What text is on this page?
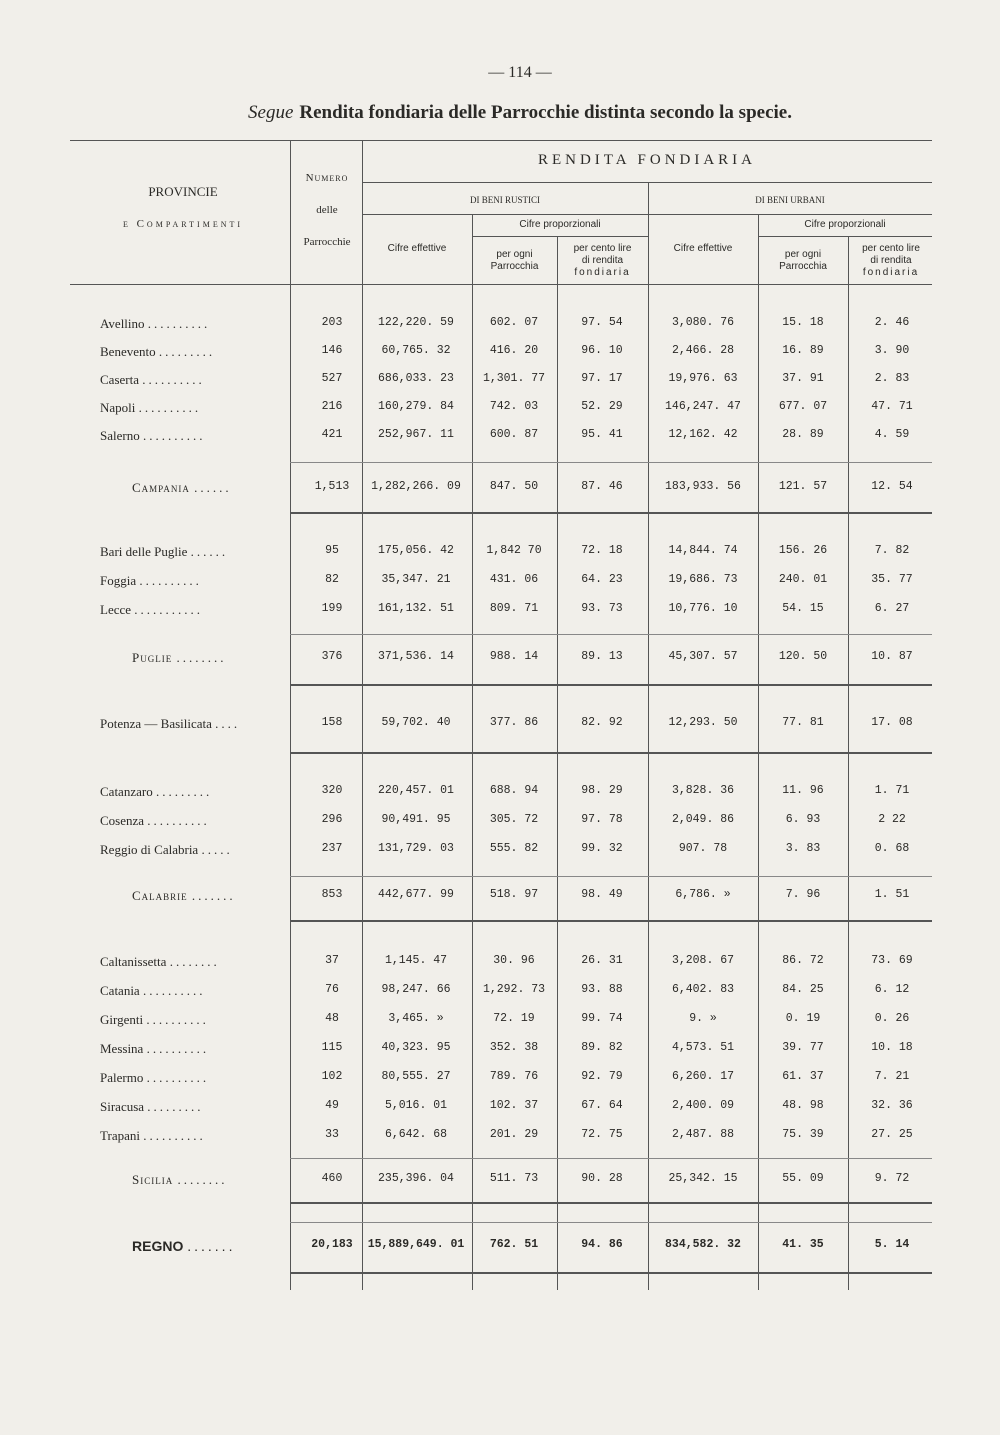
— 114 —
Segue Rendita fondiaria delle Parrocchie distinta secondo la specie.
PROVINCIE
e Compartimenti
Numero
delle
Parrocchie
RENDITA FONDIARIA
DI BENI RUSTICI	DI BENI URBANI
Cifre proporzionali	Cifre proporzionali
Cifre effettive	Cifre effettive
per ogni
Parrocchia
per cento lire
di rendita
fondiaria
per ogni
Parrocchia
per cento lire
di rendita
fondiaria
Avellino ..........	203	122,220. 59	602. 07	97. 54	3,080. 76	15. 18	2. 46
Benevento .........	146	60,765. 32	416. 20	96. 10	2,466. 28	16. 89	3. 90
Caserta ..........	527	686,033. 23	1,301. 77	97. 17	19,976. 63	37. 91	2. 83
Napoli ..........	216	160,279. 84	742. 03	52. 29	146,247. 47	677. 07	47. 71
Salerno ..........	421	252,967. 11	600. 87	95. 41	12,162. 42	28. 89	4. 59
Campania ......	1,513	1,282,266. 09	847. 50	87. 46	183,933. 56	121. 57	12. 54
Bari delle Puglie ......	95	175,056. 42	1,842 70	72. 18	14,844. 74	156. 26	7. 82
Foggia ..........	82	35,347. 21	431. 06	64. 23	19,686. 73	240. 01	35. 77
Lecce ...........	199	161,132. 51	809. 71	93. 73	10,776. 10	54. 15	6. 27
Puglie ........	376	371,536. 14	988. 14	89. 13	45,307. 57	120. 50	10. 87
Potenza — Basilicata ....	158	59,702. 40	377. 86	82. 92	12,293. 50	77. 81	17. 08
Catanzaro .........	320	220,457. 01	688. 94	98. 29	3,828. 36	11. 96	1. 71
Cosenza ..........	296	90,491. 95	305. 72	97. 78	2,049. 86	6. 93	2 22
Reggio di Calabria .....	237	131,729. 03	555. 82	99. 32	907. 78	3. 83	0. 68
Calabrie .......	853	442,677. 99	518. 97	98. 49	6,786. »	7. 96	1. 51
Caltanissetta ........	37	1,145. 47	30. 96	26. 31	3,208. 67	86. 72	73. 69
Catania ..........	76	98,247. 66	1,292. 73	93. 88	6,402. 83	84. 25	6. 12
Girgenti ..........	48	3,465. »	72. 19	99. 74	9. »	0. 19	0. 26
Messina ..........	115	40,323. 95	352. 38	89. 82	4,573. 51	39. 77	10. 18
Palermo ..........	102	80,555. 27	789. 76	92. 79	6,260. 17	61. 37	7. 21
Siracusa .........	49	5,016. 01	102. 37	67. 64	2,400. 09	48. 98	32. 36
Trapani ..........	33	6,642. 68	201. 29	72. 75	2,487. 88	75. 39	27. 25
Sicilia ........	460	235,396. 04	511. 73	90. 28	25,342. 15	55. 09	9. 72
REGNO .......	20,183	15,889,649. 01	762. 51	94. 86	834,582. 32	41. 35	5. 14
